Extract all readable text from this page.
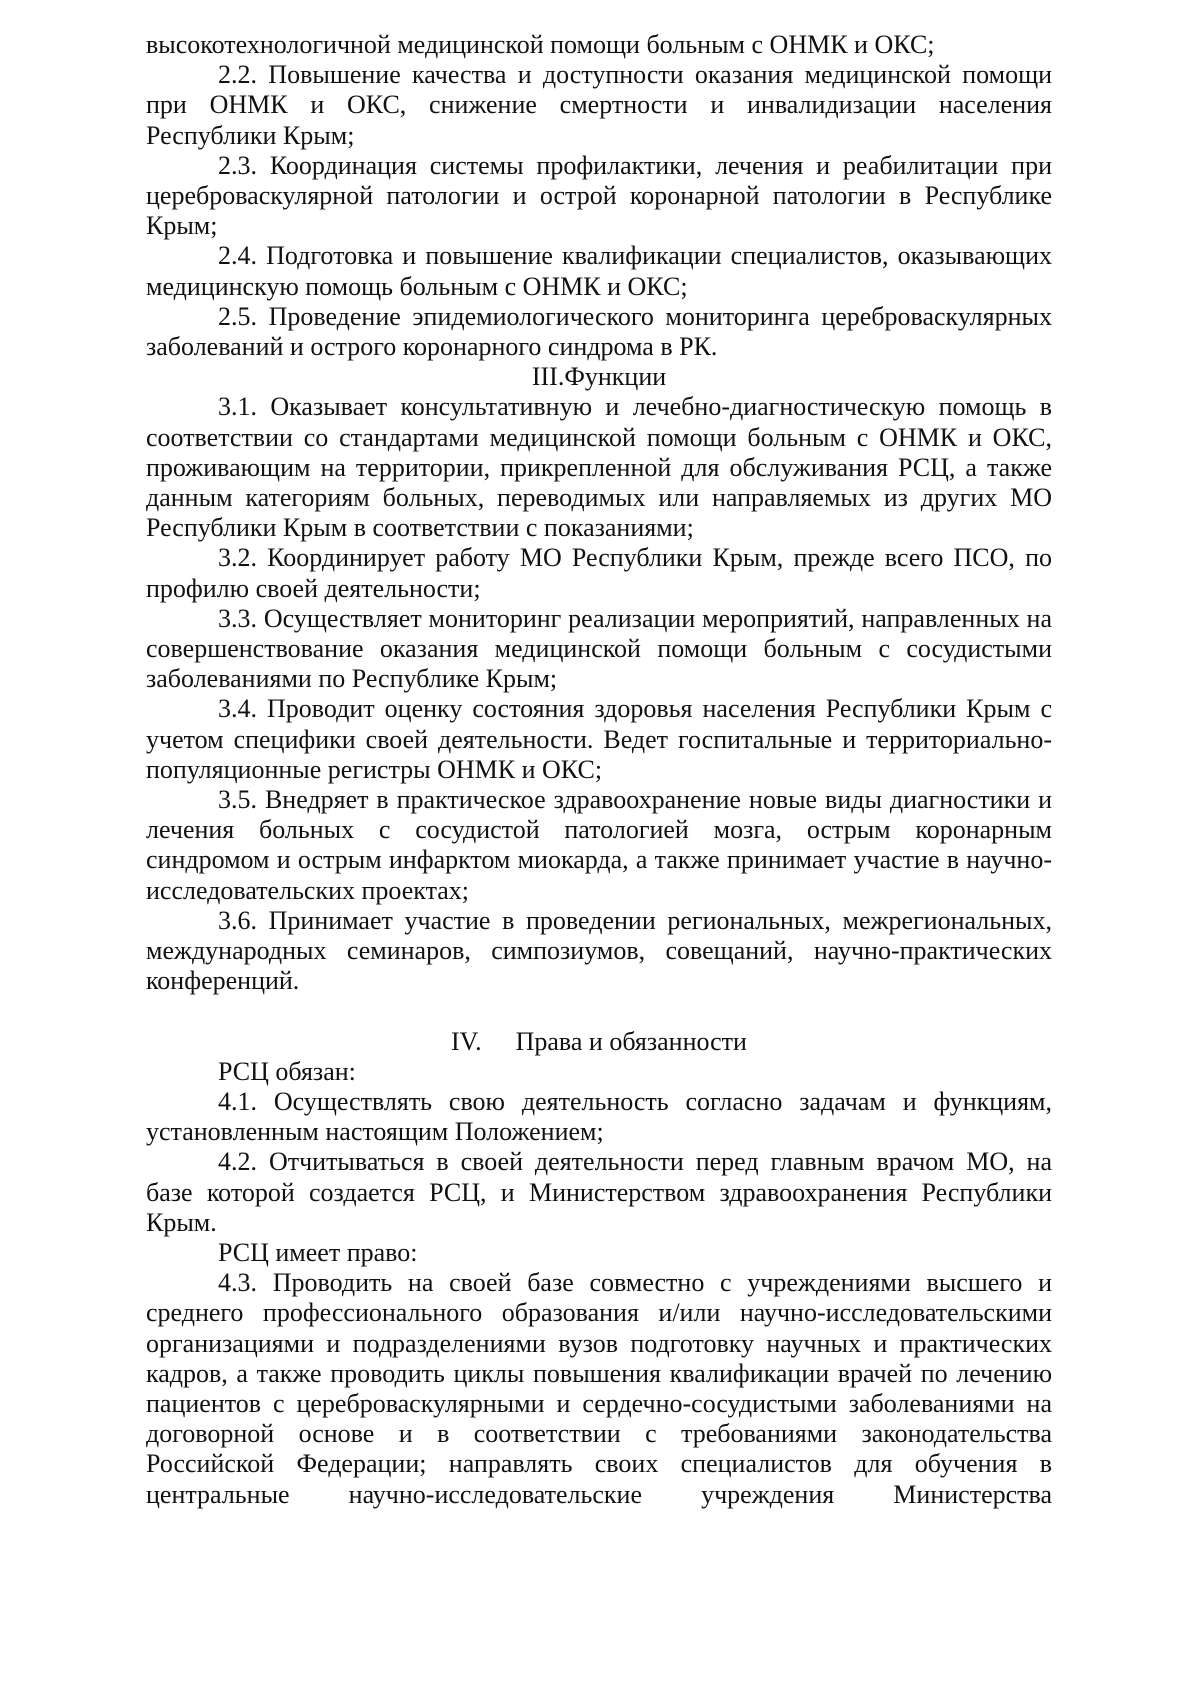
высокотехнологичной медицинской помощи больным с ОНМК и ОКС;

2.2. Повышение качества и доступности оказания медицинской помощи при ОНМК и ОКС, снижение смертности и инвалидизации населения Республики Крым;

2.3. Координация системы профилактики, лечения и реабилитации при цереброваскулярной патологии и острой коронарной патологии в Республике Крым;

2.4. Подготовка и повышение квалификации специалистов, оказывающих медицинскую помощь больным с ОНМК и ОКС;

2.5. Проведение эпидемиологического мониторинга цереброваскулярных заболеваний и острого коронарного синдрома в РК.

III.Функции

3.1. Оказывает консультативную и лечебно-диагностическую помощь в соответствии со стандартами медицинской помощи больным с ОНМК и ОКС, проживающим на территории, прикрепленной для обслуживания РСЦ, а также данным категориям больных, переводимых или направляемых из других МО Республики Крым в соответствии с показаниями;

3.2. Координирует работу МО Республики Крым, прежде всего ПСО, по профилю своей деятельности;

3.3. Осуществляет мониторинг реализации мероприятий, направленных на совершенствование оказания медицинской помощи больным с сосудистыми заболеваниями по Республике Крым;

3.4. Проводит оценку состояния здоровья населения Республики Крым с учетом специфики своей деятельности. Ведет госпитальные и территориально-популяционные регистры ОНМК и ОКС;

3.5. Внедряет в практическое здравоохранение новые виды диагностики и лечения больных с сосудистой патологией мозга, острым коронарным синдромом и острым инфарктом миокарда, а также принимает участие в научно-исследовательских проектах;

3.6. Принимает участие в проведении региональных, межрегиональных, международных семинаров, симпозиумов, совещаний, научно-практических конференций.

IV. Права и обязанности

РСЦ обязан:

4.1. Осуществлять свою деятельность согласно задачам и функциям, установленным настоящим Положением;

4.2. Отчитываться в своей деятельности перед главным врачом МО, на базе которой создается РСЦ, и Министерством здравоохранения Республики Крым.

РСЦ имеет право:

4.3. Проводить на своей базе совместно с учреждениями высшего и среднего профессионального образования и/или научно-исследовательскими организациями и подразделениями вузов подготовку научных и практических кадров, а также проводить циклы повышения квалификации врачей по лечению пациентов с цереброваскулярными и сердечно-сосудистыми заболеваниями на договорной основе и в соответствии с требованиями законодательства Российской Федерации; направлять своих специалистов для обучения в центральные научно-исследовательские учреждения Министерства
